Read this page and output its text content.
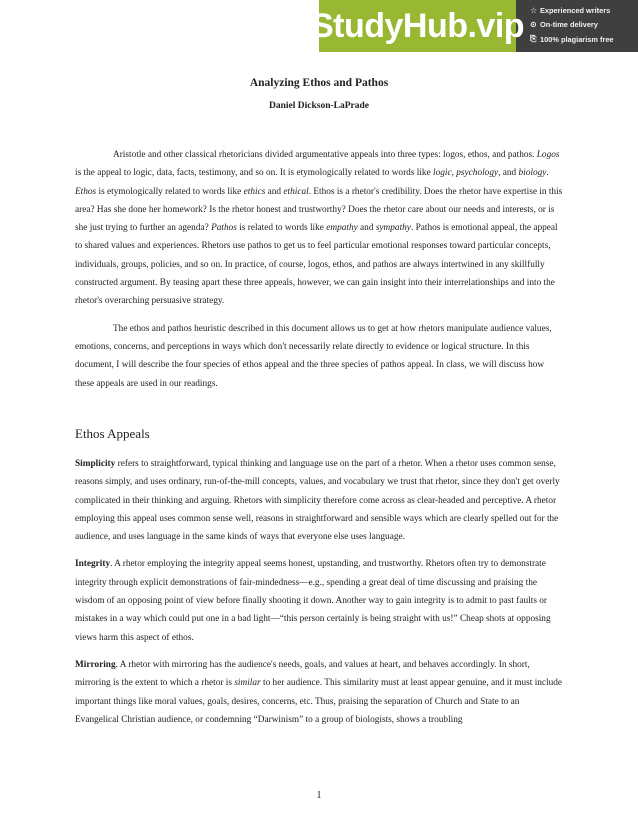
StudyHub.vip ☆ Experienced writers
⊙ On-time delivery
⎘ 100% plagiarism free
Analyzing Ethos and Pathos
Daniel Dickson-LaPrade

Aristotle and other classical rhetoricians divided argumentative appeals into three types: logos, ethos, and pathos. Logos is the appeal to logic, data, facts, testimony, and so on. It is etymologically related to words like logic, psychology, and biology. Ethos is etymologically related to words like ethics and ethical. Ethos is a rhetor's credibility. Does the rhetor have expertise in this area? Has she done her homework? Is the rhetor honest and trustworthy? Does the rhetor care about our needs and interests, or is she just trying to further an agenda? Pathos is related to words like empathy and sympathy. Pathos is emotional appeal, the appeal to shared values and experiences. Rhetors use pathos to get us to feel particular emotional responses toward particular concepts, individuals, groups, policies, and so on. In practice, of course, logos, ethos, and pathos are always intertwined in any skillfully constructed argument. By teasing apart these three appeals, however, we can gain insight into their interrelationships and into the rhetor's overarching persuasive strategy.

The ethos and pathos heuristic described in this document allows us to get at how rhetors manipulate audience values, emotions, concerns, and perceptions in ways which don't necessarily relate directly to evidence or logical structure. In this document, I will describe the four species of ethos appeal and the three species of pathos appeal. In class, we will discuss how these appeals are used in our readings.

Ethos Appeals

Simplicity refers to straightforward, typical thinking and language use on the part of a rhetor. When a rhetor uses common sense, reasons simply, and uses ordinary, run-of-the-mill concepts, values, and vocabulary we trust that rhetor, since they don't get overly complicated in their thinking and arguing. Rhetors with simplicity therefore come across as clear-headed and perceptive. A rhetor employing this appeal uses common sense well, reasons in straightforward and sensible ways which are clearly spelled out for the audience, and uses language in the same kinds of ways that everyone else uses language.

Integrity. A rhetor employing the integrity appeal seems honest, upstanding, and trustworthy. Rhetors often try to demonstrate integrity through explicit demonstrations of fair-mindedness—e.g., spending a great deal of time discussing and praising the wisdom of an opposing point of view before finally shooting it down. Another way to gain integrity is to admit to past faults or mistakes in a way which could put one in a bad light—“this person certainly is being straight with us!” Cheap shots at opposing views harm this aspect of ethos.

Mirroring. A rhetor with mirroring has the audience's needs, goals, and values at heart, and behaves accordingly. In short, mirroring is the extent to which a rhetor is similar to her audience. This similarity must at least appear genuine, and it must include important things like moral values, goals, desires, concerns, etc. Thus, praising the separation of Church and State to an Evangelical Christian audience, or condemning “Darwinism” to a group of biologists, shows a troubling

1
